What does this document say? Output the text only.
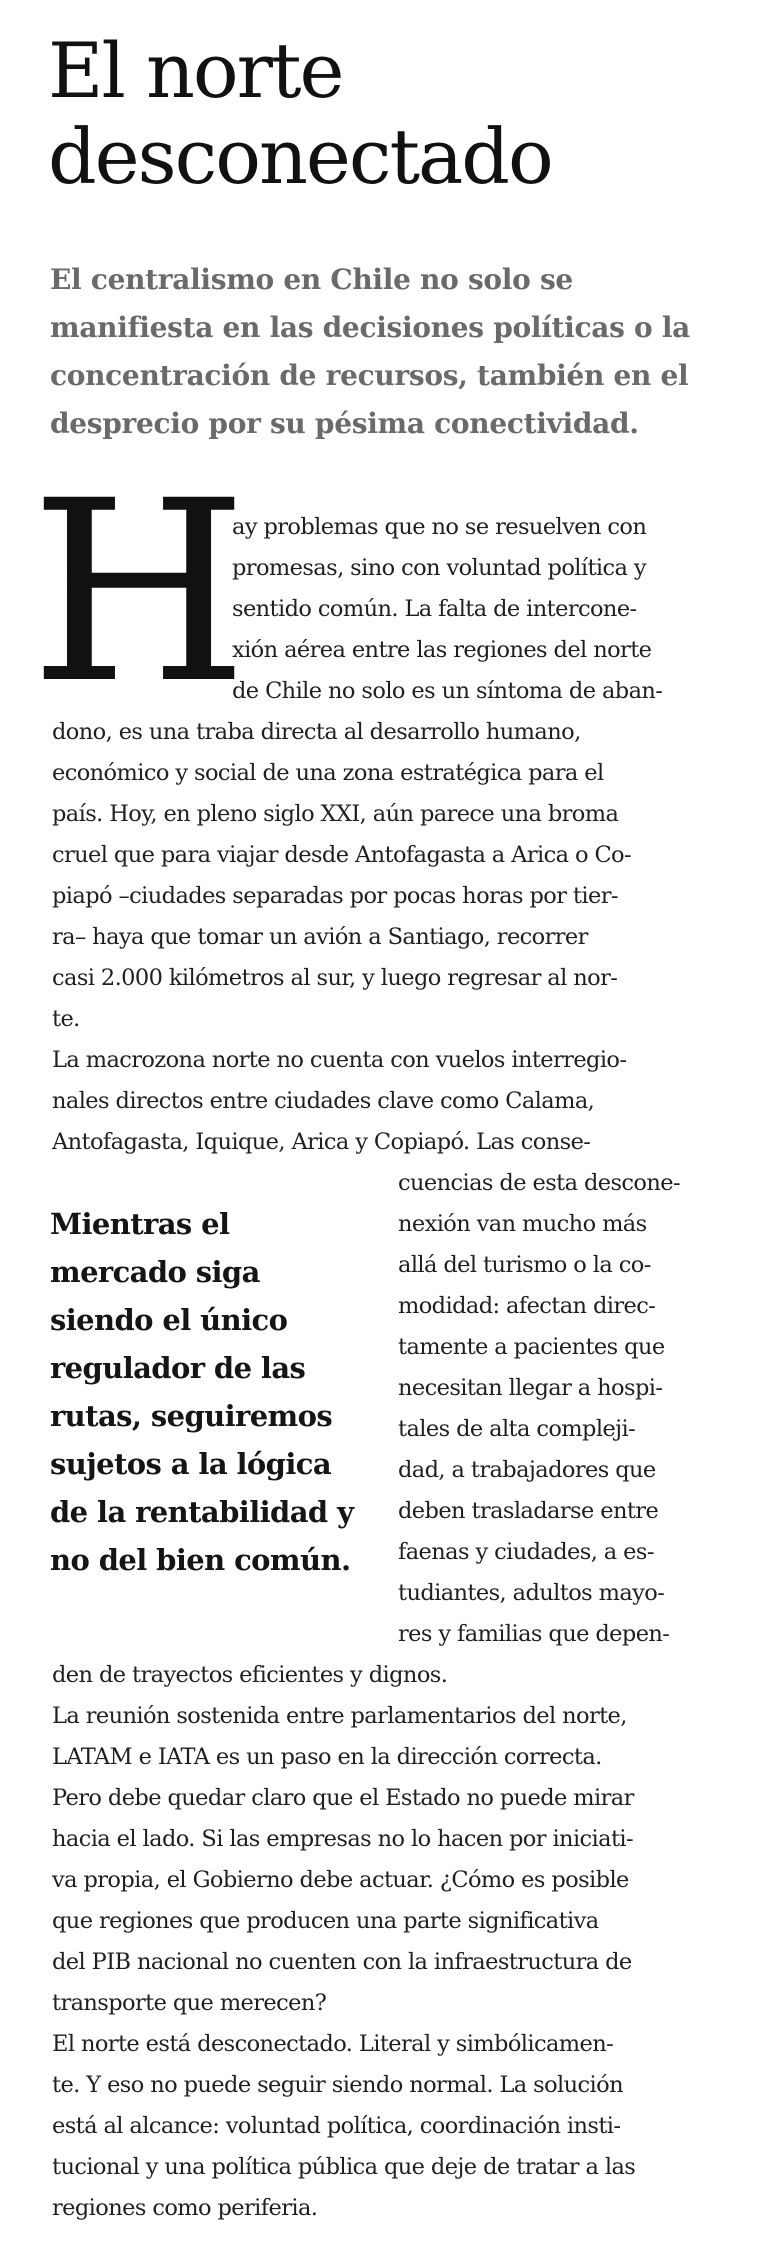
El norte
desconectado

El centralismo en Chile no solo se
manifiesta en las decisiones políticas o la
concentración de recursos, también en el
desprecio por su pésima conectividad.

H
ay problemas que no se resuelven con
promesas, sino con voluntad política y
sentido común. La falta de intercone-
xión aérea entre las regiones del norte
de Chile no solo es un síntoma de aban-
dono, es una traba directa al desarrollo humano,
económico y social de una zona estratégica para el
país. Hoy, en pleno siglo XXI, aún parece una broma
cruel que para viajar desde Antofagasta a Arica o Co-
piapó –ciudades separadas por pocas horas por tier-
ra– haya que tomar un avión a Santiago, recorrer
casi 2.000 kilómetros al sur, y luego regresar al nor-
te.
La macrozona norte no cuenta con vuelos interregio-
nales directos entre ciudades clave como Calama,
Antofagasta, Iquique, Arica y Copiapó. Las conse-
cuencias de esta descone-
nexión van mucho más
allá del turismo o la co-
modidad: afectan direc-
tamente a pacientes que
necesitan llegar a hospi-
tales de alta compleji-
dad, a trabajadores que
deben trasladarse entre
faenas y ciudades, a es-
tudiantes, adultos mayo-
res y familias que depen-
den de trayectos eficientes y dignos.
La reunión sostenida entre parlamentarios del norte,
LATAM e IATA es un paso en la dirección correcta.
Pero debe quedar claro que el Estado no puede mirar
hacia el lado. Si las empresas no lo hacen por iniciati-
va propia, el Gobierno debe actuar. ¿Cómo es posible
que regiones que producen una parte significativa
del PIB nacional no cuenten con la infraestructura de
transporte que merecen?
El norte está desconectado. Literal y simbólicamen-
te. Y eso no puede seguir siendo normal. La solución
está al alcance: voluntad política, coordinación insti-
tucional y una política pública que deje de tratar a las
regiones como periferia.
Mientras el
mercado siga
siendo el único
regulador de las
rutas, seguiremos
sujetos a la lógica
de la rentabilidad y
no del bien común.
